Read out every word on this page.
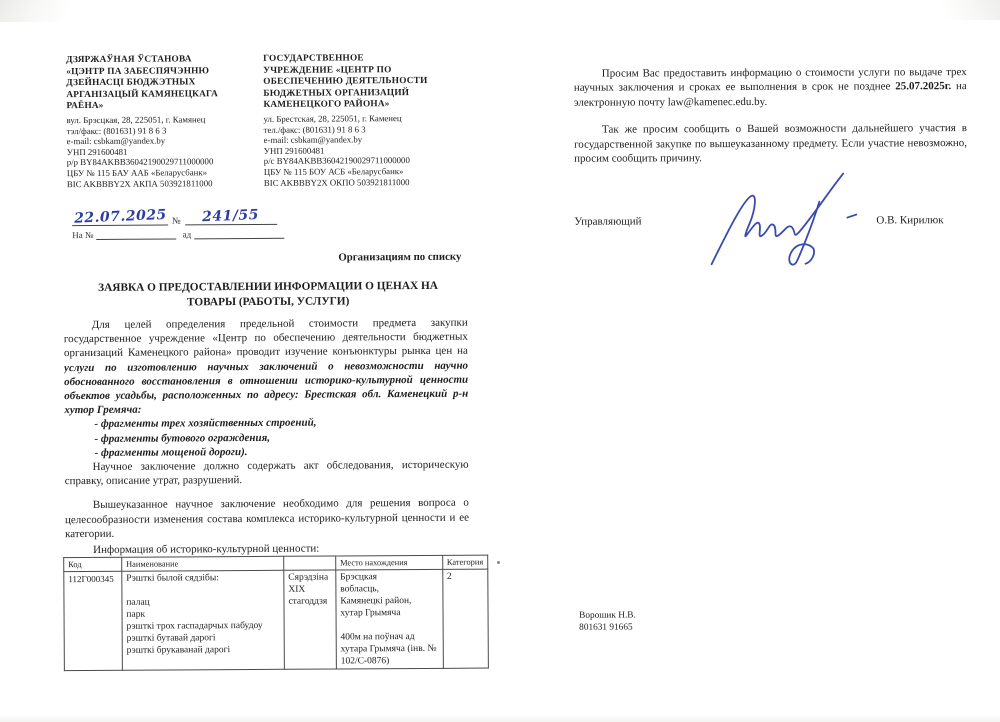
ДЗЯРЖАЎНАЯ ЎСТАНОВА
«ЦЭНТР ПА ЗАБЕСПЯЧЭННЮ
ДЗЕЙНАСЦІ БЮДЖЭТНЫХ
АРГАНІЗАЦЫЙ КАМЯНЕЦКАГА
РАЁНА»
вул. Брэсцкая, 28, 225051, г. Камянец
тэл/факс: (801631) 91 8 6 3
e-mail: csbkam@yandex.by
УНП 291600481
р/р BY84AKBB36042190029711000000
ЦБУ № 115 БАУ ААБ «Беларусбанк»
BIC AKBBBY2X АКПА 503921811000
ГОСУДАРСТВЕННОЕ
УЧРЕЖДЕНИЕ «ЦЕНТР ПО
ОБЕСПЕЧЕНИЮ ДЕЯТЕЛЬНОСТИ
БЮДЖЕТНЫХ ОРГАНИЗАЦИЙ
КАМЕНЕЦКОГО РАЙОНА»
ул. Брестская, 28, 225051, г. Каменец
тел./факс: (801631) 91 8 6 3
e-mail: csbkam@yandex.by
УНП 291600481
р/с BY84AKBB36042190029711000000
ЦБУ № 115 БОУ АСБ «Беларусбанк»
BIC AKBBBY2X ОКПО 503921811000
22.07.2025 № 241/55
На №	ад
Организациям по списку
ЗАЯВКА О ПРЕДОСТАВЛЕНИИ ИНФОРМАЦИИ О ЦЕНАХ НА
ТОВАРЫ (РАБОТЫ, УСЛУГИ)

Для целей определения предельной стоимости предмета закупки государственное учреждение «Центр по обеспечению деятельности бюджетных организаций Каменецкого района» проводит изучение конъюнктуры рынка цен на услуги по изготовлению научных заключений о невозможности научно обоснованного восстановления в отношении историко-культурной ценности объектов усадьбы, расположенных по адресу: Брестская обл. Каменецкий р-н хутор Гремяча:

- фрагменты трех хозяйственных строений,
- фрагменты бутового ограждения,
- фрагменты мощеной дороги).

Научное заключение должно содержать акт обследования, историческую справку, описание утрат, разрушений.

Вышеуказанное научное заключение необходимо для решения вопроса о целесообразности изменения состава комплекса историко-культурной ценности и ее категории.

Информация об историко-культурной ценности:

Код	Наименование		Место нахождения	Категория
112Г000345	Рэшткі былой сядзібы:

палац
парк
рэшткі трох гаспадарчых пабудоу
рэшткі бутавай дарогі
рэшткі брукаванай дарогі	Сярэдзіна
XIX
стагоддзя	Брэсцкая
вобласць,
Камянецкі район,
хутар Грымяча

400м на поўнач ад хутара Грымяча (інв. № 102/С-0876)	2

Просим Вас предоставить информацию о стоимости услуги по выдаче трех научных заключения и сроках ее выполнения в срок не позднее 25.07.2025г. на электронную почту law@kamenec.edu.by.

Так же просим сообщить о Вашей возможности дальнейшего участия в государственной закупке по вышеуказанному предмету. Если участие невозможно, просим сообщить причину.

Управляющий	О.В. Кирилюк
Ворошик Н.В.
801631 91665
